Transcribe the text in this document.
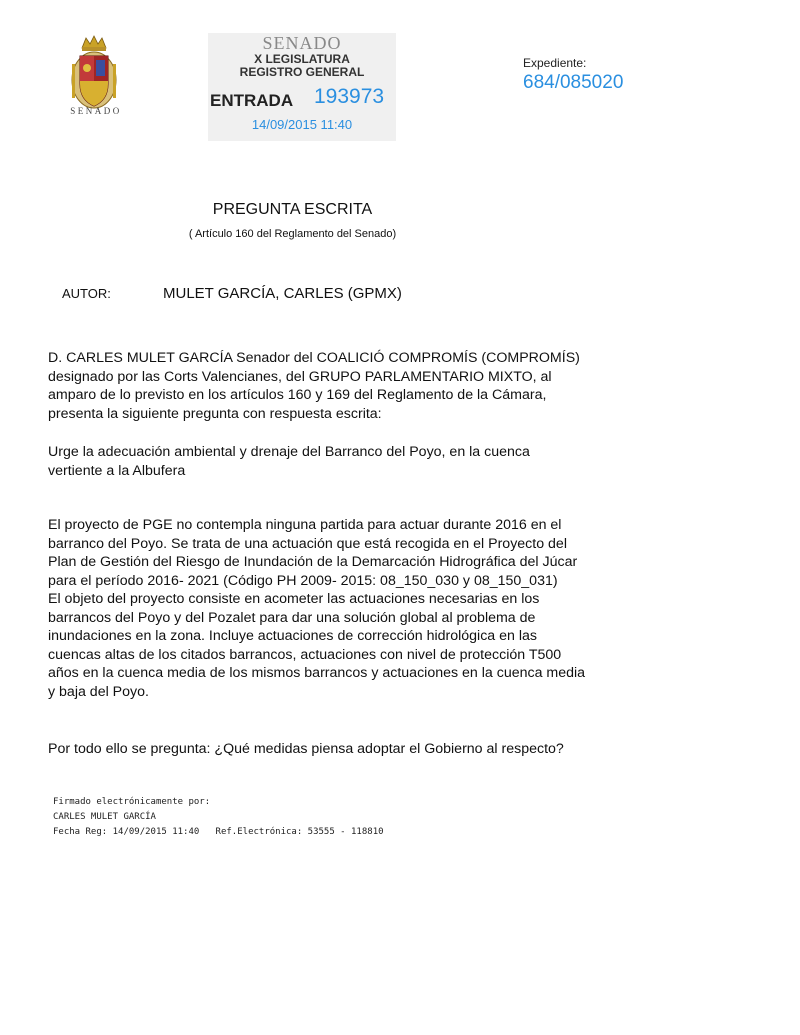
SENADO
SENADO
X LEGISLATURA
REGISTRO GENERAL
ENTRADA 193973
14/09/2015 11:40
Expediente:
684/085020
PREGUNTA ESCRITA
( Artículo 160 del Reglamento del Senado)
AUTOR:	MULET GARCÍA, CARLES (GPMX)
D. CARLES MULET GARCÍA Senador del COALICIÓ COMPROMÍS (COMPROMÍS)
designado por las Corts Valencianes, del GRUPO PARLAMENTARIO MIXTO, al
amparo de lo previsto en los artículos 160 y 169 del Reglamento de la Cámara,
presenta la siguiente pregunta con respuesta escrita:
Urge la adecuación ambiental y drenaje del Barranco del Poyo, en la cuenca
vertiente a la Albufera
El proyecto de PGE no contempla ninguna partida para actuar durante 2016 en el
barranco del Poyo. Se trata de una actuación que está recogida en el Proyecto del
Plan de Gestión del Riesgo de Inundación de la Demarcación Hidrográfica del Júcar
para el período 2016- 2021 (Código PH 2009- 2015: 08_150_030 y 08_150_031)
El objeto del proyecto consiste en acometer las actuaciones necesarias en los
barrancos del Poyo y del Pozalet para dar una solución global al problema de
inundaciones en la zona. Incluye actuaciones de corrección hidrológica en las
cuencas altas de los citados barrancos, actuaciones con nivel de protección T500
años en la cuenca media de los mismos barrancos y actuaciones en la cuenca media
y baja del Poyo.
Por todo ello se pregunta: ¿Qué medidas piensa adoptar el Gobierno al respecto?
Firmado electrónicamente por:
CARLES MULET GARCÍA
Fecha Reg: 14/09/2015 11:40   Ref.Electrónica: 53555 - 118810
